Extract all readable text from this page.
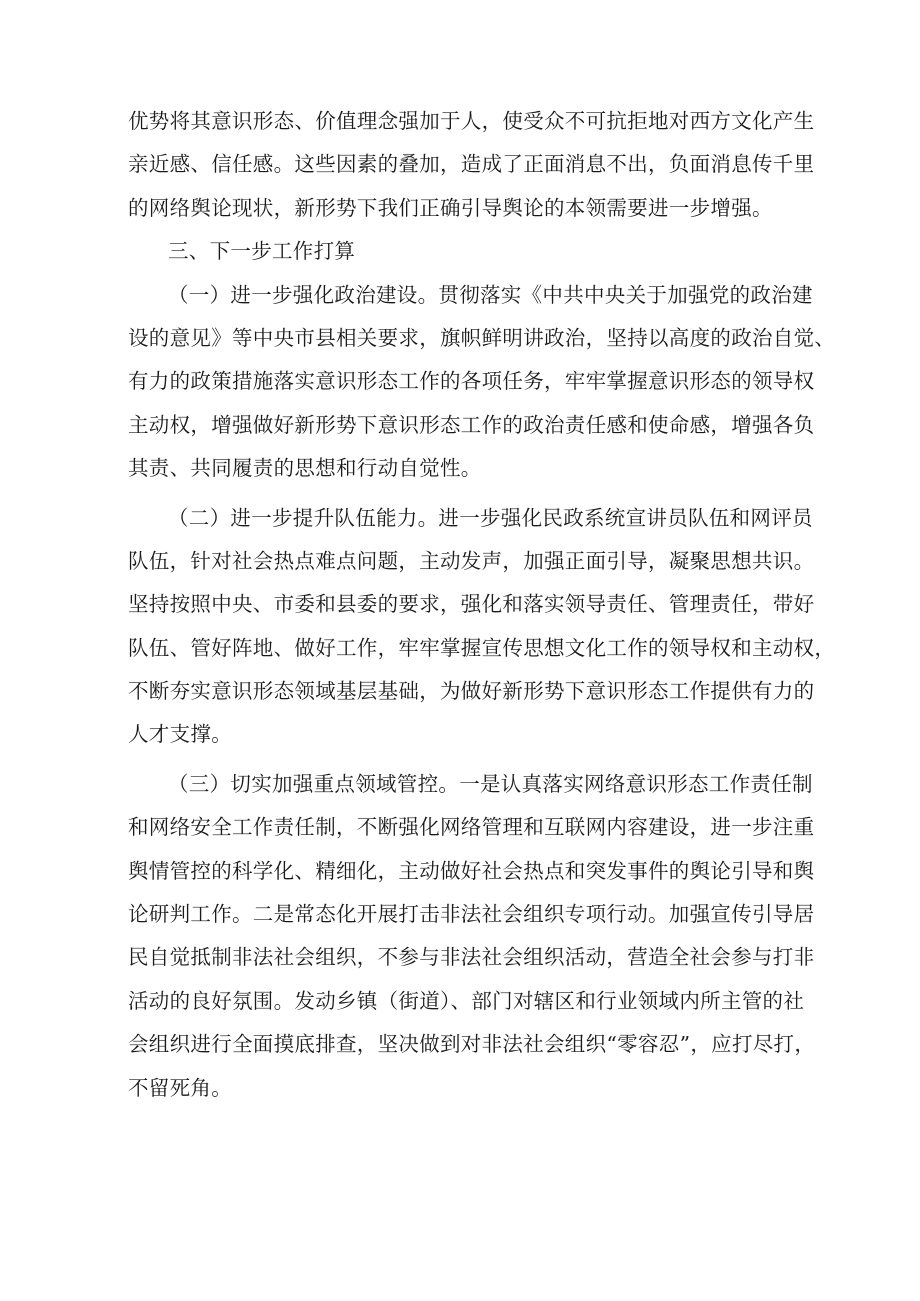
优势将其意识形态、价值理念强加于人，使受众不可抗拒地对西方文化产生
亲近感、信任感。这些因素的叠加，造成了正面消息不出，负面消息传千里
的网络舆论现状，新形势下我们正确引导舆论的本领需要进一步增强。
三、下一步工作打算
（一）进一步强化政治建设。贯彻落实《中共中央关于加强党的政治建
设的意见》等中央市县相关要求，旗帜鲜明讲政治，坚持以高度的政治自觉、
有力的政策措施落实意识形态工作的各项任务，牢牢掌握意识形态的领导权
主动权，增强做好新形势下意识形态工作的政治责任感和使命感，增强各负
其责、共同履责的思想和行动自觉性。
（二）进一步提升队伍能力。进一步强化民政系统宣讲员队伍和网评员
队伍，针对社会热点难点问题，主动发声，加强正面引导，凝聚思想共识。
坚持按照中央、市委和县委的要求，强化和落实领导责任、管理责任，带好
队伍、管好阵地、做好工作，牢牢掌握宣传思想文化工作的领导权和主动权，
不断夯实意识形态领域基层基础，为做好新形势下意识形态工作提供有力的
人才支撑。
（三）切实加强重点领域管控。一是认真落实网络意识形态工作责任制
和网络安全工作责任制，不断强化网络管理和互联网内容建设，进一步注重
舆情管控的科学化、精细化，主动做好社会热点和突发事件的舆论引导和舆
论研判工作。二是常态化开展打击非法社会组织专项行动。加强宣传引导居
民自觉抵制非法社会组织，不参与非法社会组织活动，营造全社会参与打非
活动的良好氛围。发动乡镇（街道）、部门对辖区和行业领域内所主管的社
会组织进行全面摸底排查，坚决做到对非法社会组织“零容忍”，应打尽打，
不留死角。
